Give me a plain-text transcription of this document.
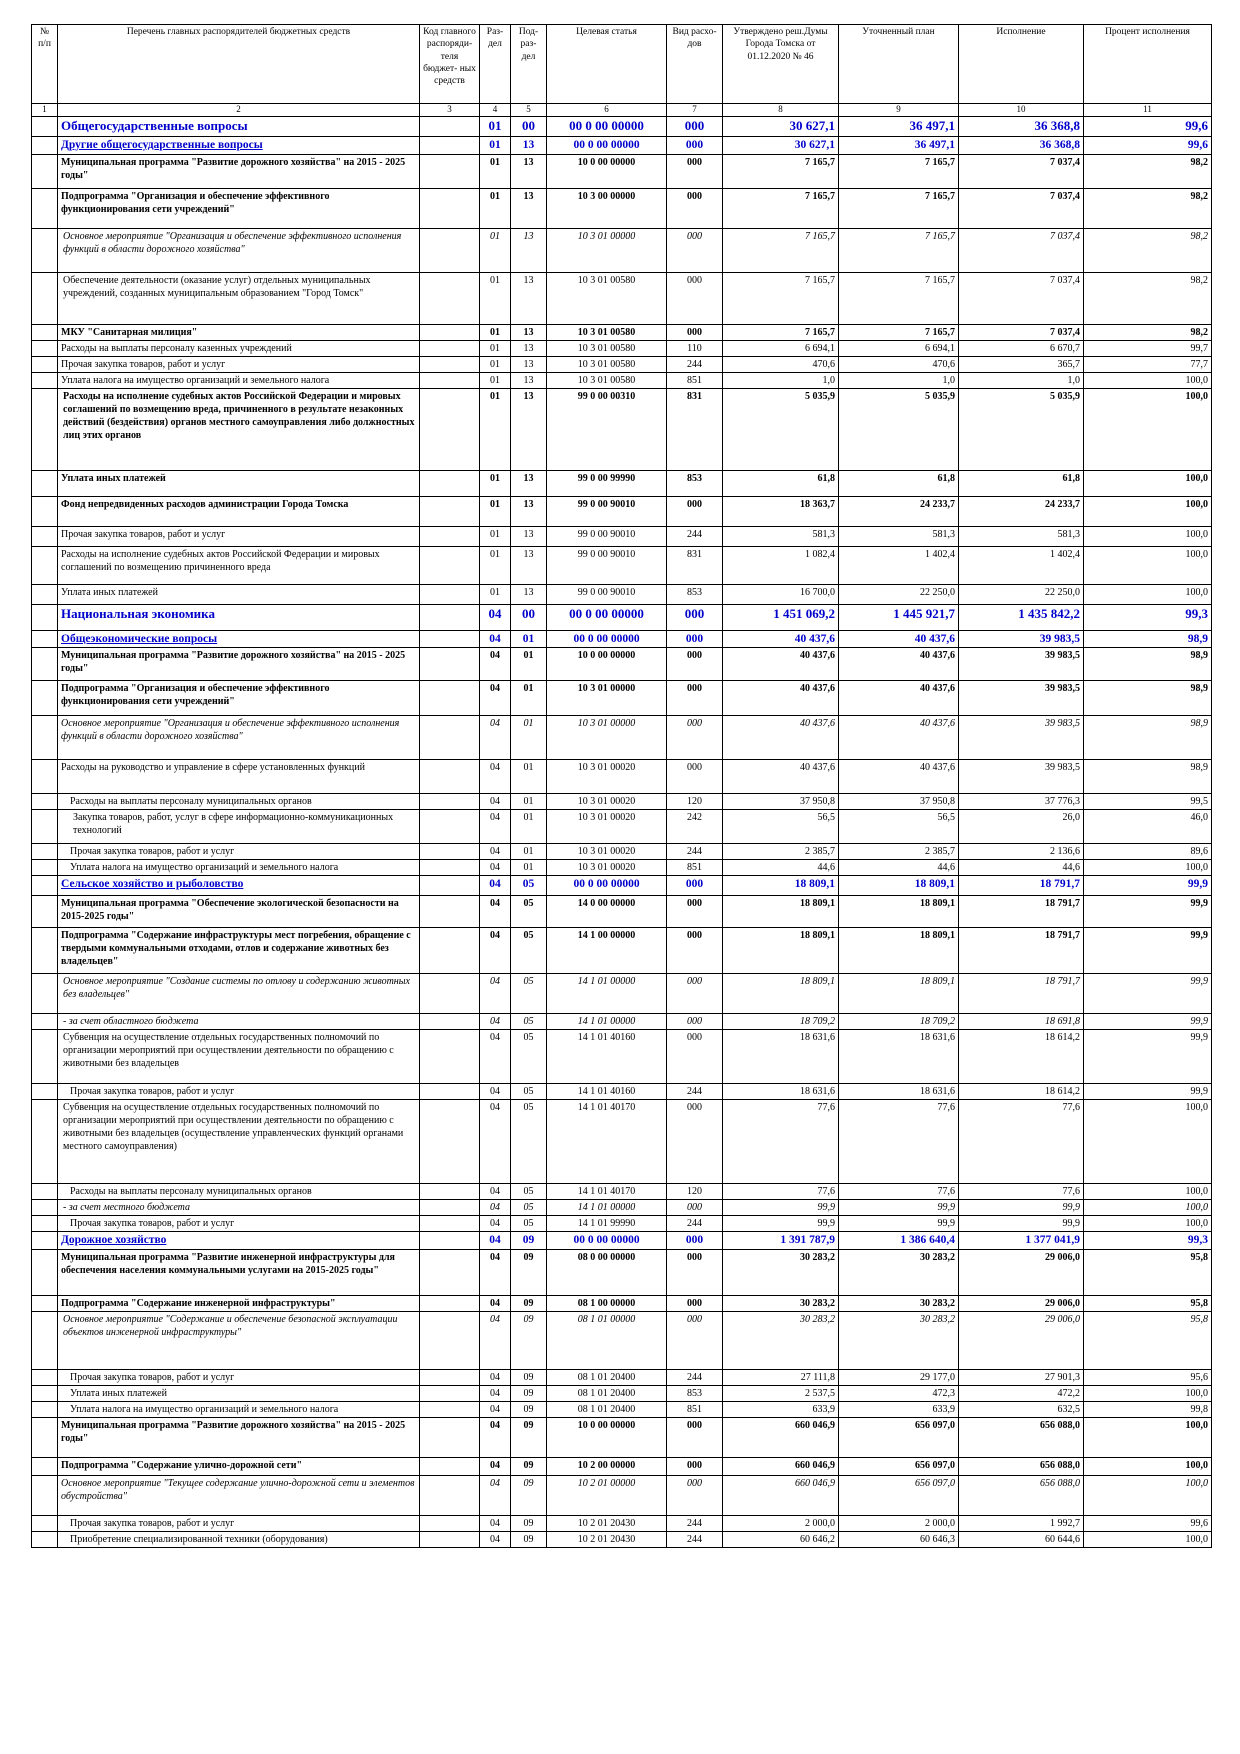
№ п/п	Перечень главных распорядителей бюджетных средств	Код главного распоряди- теля бюджет- ных средств	Раз- дел	Под- раз- дел	Целевая статья	Вид расхо- дов	Утверждено реш.Думы Города Томска от 01.12.2020 № 46	Уточненный план	Исполнение	Процент исполнения
1	2	3	4	5	6	7	8	9	10	11
	Общегосударственные вопросы		01	00	00 0 00 00000	000	30 627,1	36 497,1	36 368,8	99,6
	Другие общегосударственные вопросы		01	13	00 0 00 00000	000	30 627,1	36 497,1	36 368,8	99,6
	Муниципальная программа "Развитие дорожного хозяйства" на 2015 - 2025 годы"		01	13	10 0 00 00000	000	7 165,7	7 165,7	7 037,4	98,2
	Подпрограмма "Организация и обеспечение эффективного функционирования сети учреждений"		01	13	10 3 00 00000	000	7 165,7	7 165,7	7 037,4	98,2
	Основное мероприятие "Организация и обеспечение эффективного исполнения функций в области дорожного хозяйства"		01	13	10 3 01 00000	000	7 165,7	7 165,7	7 037,4	98,2
	Обеспечение деятельности (оказание услуг) отдельных муниципальных учреждений, созданных муниципальным образованием "Город Томск"		01	13	10 3 01 00580	000	7 165,7	7 165,7	7 037,4	98,2
	МКУ "Санитарная милиция"		01	13	10 3 01 00580	000	7 165,7	7 165,7	7 037,4	98,2
	Расходы на выплаты персоналу казенных учреждений		01	13	10 3 01 00580	110	6 694,1	6 694,1	6 670,7	99,7
	Прочая закупка товаров, работ и услуг		01	13	10 3 01 00580	244	470,6	470,6	365,7	77,7
	Уплата налога на имущество организаций и земельного налога		01	13	10 3 01 00580	851	1,0	1,0	1,0	100,0
	Расходы на исполнение судебных актов Российской Федерации и мировых соглашений по возмещению вреда, причиненного в результате незаконных действий (бездействия) органов местного самоуправления либо должностных лиц этих органов		01	13	99 0 00 00310	831	5 035,9	5 035,9	5 035,9	100,0
	Уплата иных платежей		01	13	99 0 00 99990	853	61,8	61,8	61,8	100,0
	Фонд непредвиденных расходов администрации Города Томска		01	13	99 0 00 90010	000	18 363,7	24 233,7	24 233,7	100,0
	Прочая закупка товаров, работ и услуг		01	13	99 0 00 90010	244	581,3	581,3	581,3	100,0
	Расходы на исполнение судебных актов Российской Федерации и мировых соглашений по возмещению причиненного вреда		01	13	99 0 00 90010	831	1 082,4	1 402,4	1 402,4	100,0
	Уплата иных платежей		01	13	99 0 00 90010	853	16 700,0	22 250,0	22 250,0	100,0
	Национальная экономика		04	00	00 0 00 00000	000	1 451 069,2	1 445 921,7	1 435 842,2	99,3
	Общеэкономические вопросы		04	01	00 0 00 00000	000	40 437,6	40 437,6	39 983,5	98,9
	Муниципальная программа "Развитие дорожного хозяйства" на 2015 - 2025 годы"		04	01	10 0 00 00000	000	40 437,6	40 437,6	39 983,5	98,9
	Подпрограмма "Организация и обеспечение эффективного функционирования сети учреждений"		04	01	10 3 01 00000	000	40 437,6	40 437,6	39 983,5	98,9
	Основное мероприятие "Организация и обеспечение эффективного исполнения функций в области дорожного хозяйства"		04	01	10 3 01 00000	000	40 437,6	40 437,6	39 983,5	98,9
	Расходы на руководство и управление в сфере установленных функций		04	01	10 3 01 00020	000	40 437,6	40 437,6	39 983,5	98,9
	Расходы на выплаты персоналу муниципальных органов		04	01	10 3 01 00020	120	37 950,8	37 950,8	37 776,3	99,5
	Закупка товаров, работ, услуг в сфере информационно-коммуникационных технологий		04	01	10 3 01 00020	242	56,5	56,5	26,0	46,0
	Прочая закупка товаров, работ и услуг		04	01	10 3 01 00020	244	2 385,7	2 385,7	2 136,6	89,6
	Уплата налога на имущество организаций и земельного налога		04	01	10 3 01 00020	851	44,6	44,6	44,6	100,0
	Сельское хозяйство и рыболовство		04	05	00 0 00 00000	000	18 809,1	18 809,1	18 791,7	99,9
	Муниципальная программа "Обеспечение экологической безопасности на 2015-2025 годы"		04	05	14 0 00 00000	000	18 809,1	18 809,1	18 791,7	99,9
	Подпрограмма "Содержание инфраструктуры мест погребения, обращение с твердыми коммунальными отходами, отлов и содержание животных без владельцев"		04	05	14 1 00 00000	000	18 809,1	18 809,1	18 791,7	99,9
	Основное мероприятие "Создание системы по отлову и содержанию животных без владельцев"		04	05	14 1 01 00000	000	18 809,1	18 809,1	18 791,7	99,9
	- за счет областного бюджета		04	05	14 1 01 00000	000	18 709,2	18 709,2	18 691,8	99,9
	Субвенция на осуществление отдельных государственных полномочий по организации мероприятий при осуществлении деятельности по обращению с животными без владельцев		04	05	14 1 01 40160	000	18 631,6	18 631,6	18 614,2	99,9
	Прочая закупка товаров, работ и услуг		04	05	14 1 01 40160	244	18 631,6	18 631,6	18 614,2	99,9
	Субвенция на осуществление отдельных государственных полномочий по организации мероприятий при осуществлении деятельности по обращению с животными без владельцев (осуществление управленческих функций органами местного самоуправления)		04	05	14 1 01 40170	000	77,6	77,6	77,6	100,0
	Расходы на выплаты персоналу муниципальных органов		04	05	14 1 01 40170	120	77,6	77,6	77,6	100,0
	- за счет местного бюджета		04	05	14 1 01 00000	000	99,9	99,9	99,9	100,0
	Прочая закупка товаров, работ и услуг		04	05	14 1 01 99990	244	99,9	99,9	99,9	100,0
	Дорожное хозяйство		04	09	00 0 00 00000	000	1 391 787,9	1 386 640,4	1 377 041,9	99,3
	Муниципальная программа "Развитие инженерной инфраструктуры для обеспечения населения коммунальными услугами на 2015-2025 годы"		04	09	08 0 00 00000	000	30 283,2	30 283,2	29 006,0	95,8
	Подпрограмма "Содержание инженерной инфраструктуры"		04	09	08 1 00 00000	000	30 283,2	30 283,2	29 006,0	95,8
	Основное мероприятие "Содержание и обеспечение безопасной эксплуатации объектов инженерной инфраструктуры"		04	09	08 1 01 00000	000	30 283,2	30 283,2	29 006,0	95,8
	Прочая закупка товаров, работ и услуг		04	09	08 1 01 20400	244	27 111,8	29 177,0	27 901,3	95,6
	Уплата иных платежей		04	09	08 1 01 20400	853	2 537,5	472,3	472,2	100,0
	Уплата налога на имущество организаций и земельного налога		04	09	08 1 01 20400	851	633,9	633,9	632,5	99,8
	Муниципальная программа "Развитие дорожного хозяйства" на 2015 - 2025 годы"		04	09	10 0 00 00000	000	660 046,9	656 097,0	656 088,0	100,0
	Подпрограмма "Содержание улично-дорожной сети"		04	09	10 2 00 00000	000	660 046,9	656 097,0	656 088,0	100,0
	Основное мероприятие "Текущее содержание улично-дорожной сети и элементов обустройства"		04	09	10 2 01 00000	000	660 046,9	656 097,0	656 088,0	100,0
	Прочая закупка товаров, работ и услуг		04	09	10 2 01 20430	244	2 000,0	2 000,0	1 992,7	99,6
	Приобретение специализированной техники (оборудования)		04	09	10 2 01 20430	244	60 646,2	60 646,3	60 644,6	100,0
